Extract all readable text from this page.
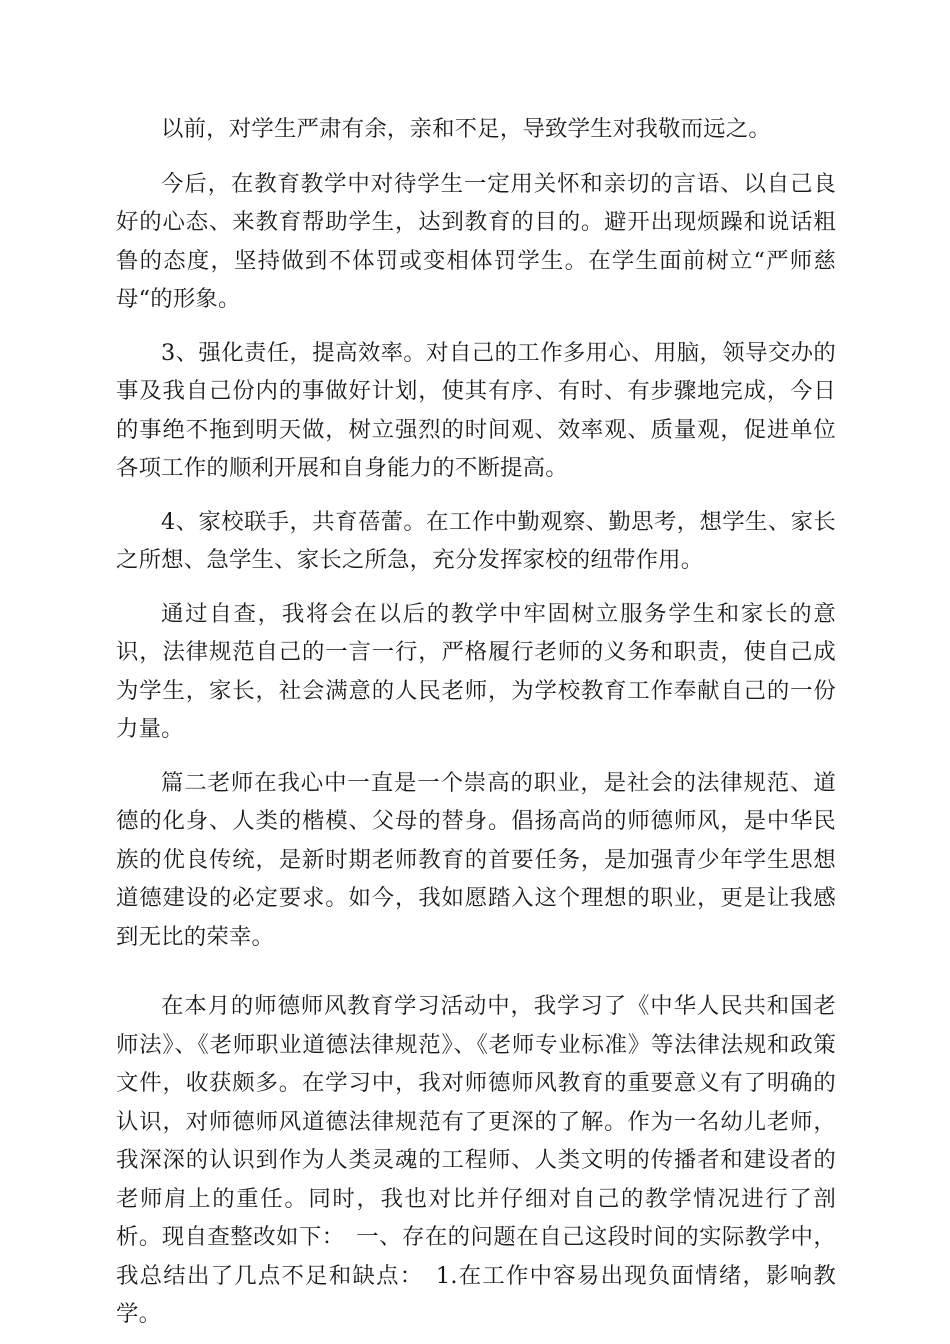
以前，对学生严肃有余，亲和不足，导致学生对我敬而远之。

今后，在教育教学中对待学生一定用关怀和亲切的言语、以自己良好的心态、来教育帮助学生，达到教育的目的。避开出现烦躁和说话粗鲁的态度，坚持做到不体罚或变相体罚学生。在学生面前树立“严师慈母“的形象。

3、强化责任，提高效率。对自己的工作多用心、用脑，领导交办的事及我自己份内的事做好计划，使其有序、有时、有步骤地完成，今日的事绝不拖到明天做，树立强烈的时间观、效率观、质量观，促进单位各项工作的顺利开展和自身能力的不断提高。

4、家校联手，共育蓓蕾。在工作中勤观察、勤思考，想学生、家长之所想、急学生、家长之所急，充分发挥家校的纽带作用。

通过自查，我将会在以后的教学中牢固树立服务学生和家长的意识，法律规范自己的一言一行，严格履行老师的义务和职责，使自己成为学生，家长，社会满意的人民老师，为学校教育工作奉献自己的一份力量。

篇二老师在我心中一直是一个崇高的职业，是社会的法律规范、道德的化身、人类的楷模、父母的替身。倡扬高尚的师德师风，是中华民族的优良传统，是新时期老师教育的首要任务，是加强青少年学生思想道德建设的必定要求。如今，我如愿踏入这个理想的职业，更是让我感到无比的荣幸。

在本月的师德师风教育学习活动中，我学习了《中华人民共和国老师法》、《老师职业道德法律规范》、《老师专业标准》等法律法规和政策文件，收获颇多。在学习中，我对师德师风教育的重要意义有了明确的认识，对师德师风道德法律规范有了更深的了解。作为一名幼儿老师，我深深的认识到作为人类灵魂的工程师、人类文明的传播者和建设者的老师肩上的重任。同时，我也对比并仔细对自己的教学情况进行了剖析。现自查整改如下：　一、存在的问题在自己这段时间的实际教学中，我总结出了几点不足和缺点：　1.在工作中容易出现负面情绪，影响教学。
